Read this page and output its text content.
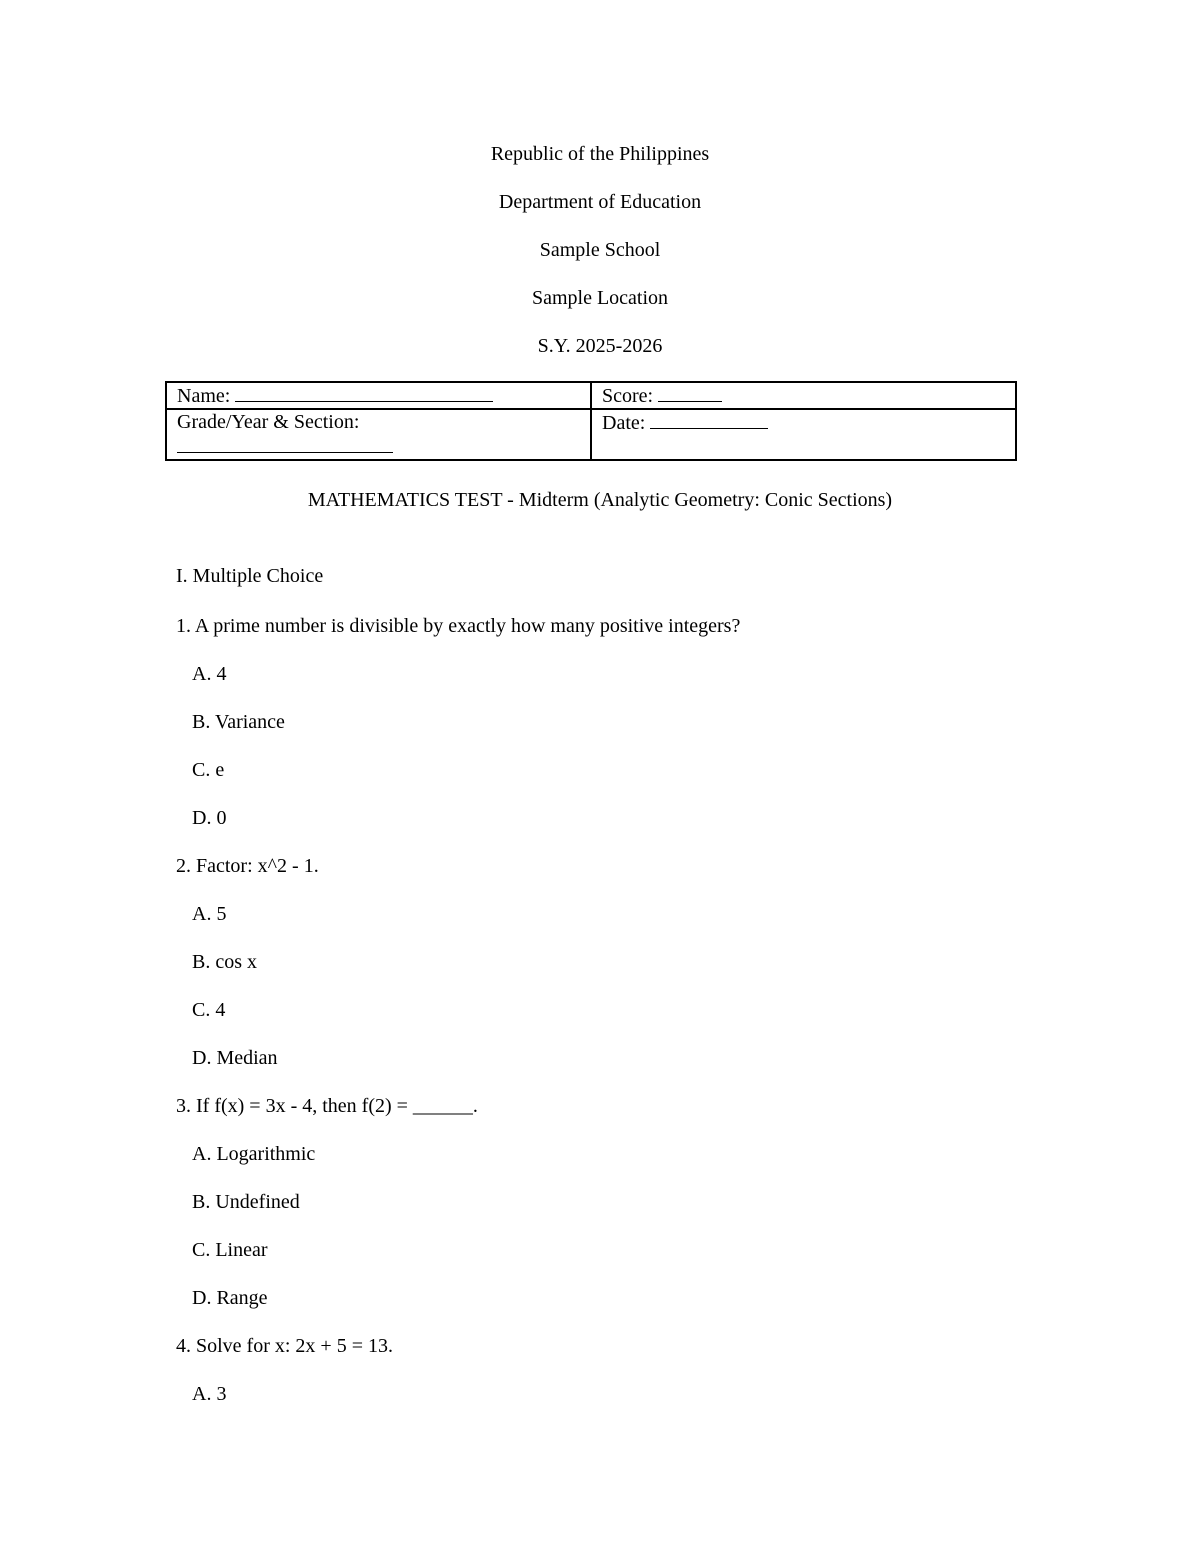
Republic of the Philippines
Department of Education
Sample School
Sample Location
S.Y. 2025-2026
Name:	Score:

Grade/Year & Section:	Date:
MATHEMATICS TEST - Midterm (Analytic Geometry: Conic Sections)
I. Multiple Choice
1. A prime number is divisible by exactly how many positive integers?
A. 4
B. Variance
C. e
D. 0
2. Factor: x^2 - 1.
A. 5
B. cos x
C. 4
D. Median
3. If f(x) = 3x - 4, then f(2) = ______.
A. Logarithmic
B. Undefined
C. Linear
D. Range
4. Solve for x: 2x + 5 = 13.
A. 3
